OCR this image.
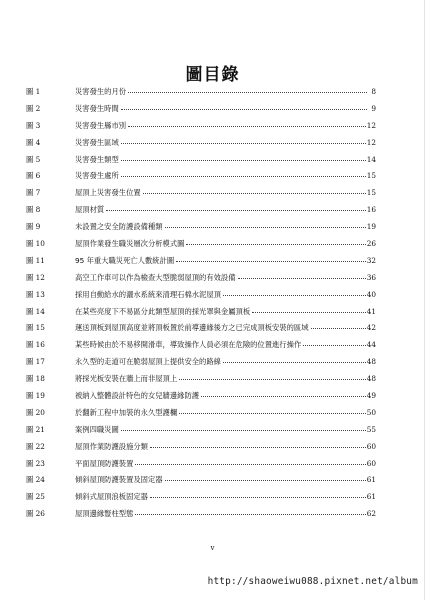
圖目錄
圖 1	災害發生的月份	8
圖 2	災害發生時間	9
圖 3	災害發生縣市別	12
圖 4	災害發生區域	12
圖 5	災害發生類型	14
圖 6	災害發生處所	15
圖 7	屋頂上災害發生位置	15
圖 8	屋頂材質	16
圖 9	未設置之安全防護設備種類	19
圖 10	屋頂作業發生職災層次分析模式圖	26
圖 11	95 年重大職災死亡人數統計圖	32
圖 12	高空工作車可以作為檢查大型脆弱屋頂的有效設備	36
圖 13	採用自動給水的灑水系統來清理石棉水泥屋頂	40
圖 14	在某些亮度下不易區分此類型屋頂的採光罩與金屬頂板	41
圖 15	運送頂板到屋頂高度並將頂板置於前導邊緣後方之已完成頂板安裝的區域	42
圖 16	某些時候由於不易移開滑車，導致操作人員必須在危險的位置進行操作	44
圖 17	永久型的走道可在脆弱屋頂上提供安全的路線	48
圖 18	將採光板安裝在牆上而非屋頂上	48
圖 19	被納入整體設計特色的女兒牆邊緣防護	49
圖 20	於翻新工程中加裝的永久型護欄	50
圖 21	案例四職災圖	55
圖 22	屋頂作業防護設施分類	60
圖 23	平面屋頂防護裝置	60
圖 24	傾斜屋頂防護裝置及固定器	61
圖 25	傾斜式屋頂浪板固定器	61
圖 26	屋頂邊緣豎柱型態	62
v
http://shaoweiwu088.pixnet.net/album
